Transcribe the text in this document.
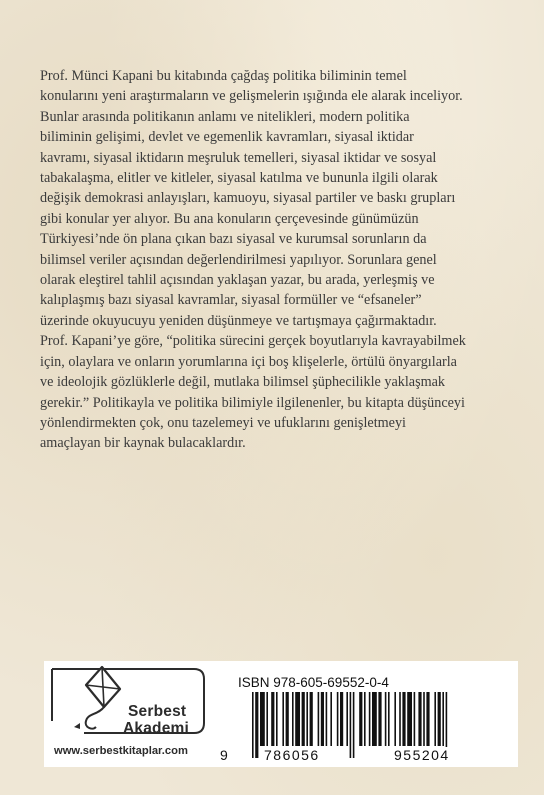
Prof. Münci Kapani bu kitabında çağdaş politika biliminin temel
konularını yeni araştırmaların ve gelişmelerin ışığında ele alarak inceliyor.
Bunlar arasında politikanın anlamı ve nitelikleri, modern politika
biliminin gelişimi, devlet ve egemenlik kavramları, siyasal iktidar
kavramı, siyasal iktidarın meşruluk temelleri, siyasal iktidar ve sosyal
tabakalaşma, elitler ve kitleler, siyasal katılma ve bununla ilgili olarak
değişik demokrasi anlayışları, kamuoyu, siyasal partiler ve baskı grupları
gibi konular yer alıyor. Bu ana konuların çerçevesinde günümüzün
Türkiyesi’nde ön plana çıkan bazı siyasal ve kurumsal sorunların da
bilimsel veriler açısından değerlendirilmesi yapılıyor. Sorunlara genel
olarak eleştirel tahlil açısından yaklaşan yazar, bu arada, yerleşmiş ve
kalıplaşmış bazı siyasal kavramlar, siyasal formüller ve “efsaneler”
üzerinde okuyucuyu yeniden düşünmeye ve tartışmaya çağırmaktadır.
Prof. Kapani’ye göre, “politika sürecini gerçek boyutlarıyla kavrayabilmek
için, olaylara ve onların yorumlarına içi boş klişelerle, örtülü önyargılarla
ve ideolojik gözlüklerle değil, mutlaka bilimsel şüphecilikle yaklaşmak
gerekir.” Politikayla ve politika bilimiyle ilgilenenler, bu kitapta düşünceyi
yönlendirmekten çok, onu tazelemeyi ve ufuklarını genişletmeyi
amaçlayan bir kaynak bulacaklardır.

Serbest
Akademi
www.serbestkitaplar.com
ISBN 978-605-69552-0-4
9 786056	955204
